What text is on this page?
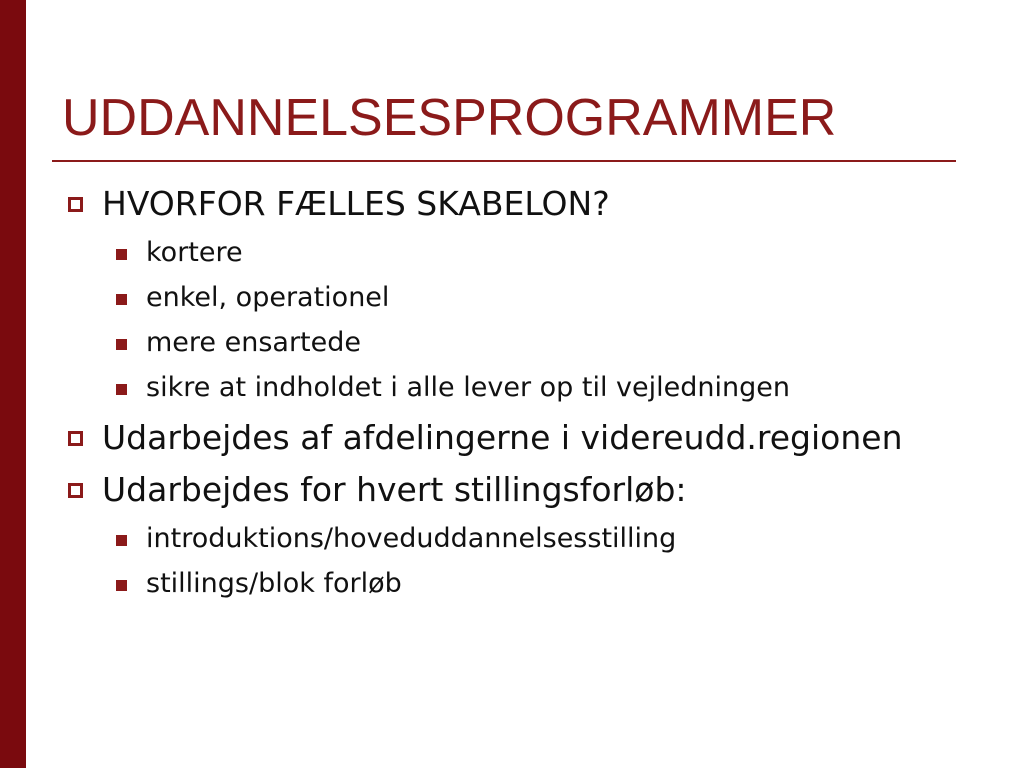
UDDANNELSESPROGRAMMER
HVORFOR FÆLLES SKABELON?
kortere
enkel, operationel
mere ensartede
sikre at indholdet i alle lever op til vejledningen
Udarbejdes af afdelingerne i videreudd.regionen
Udarbejdes for hvert stillingsforløb:
introduktions/hoveduddannelsesstilling
stillings/blok forløb
